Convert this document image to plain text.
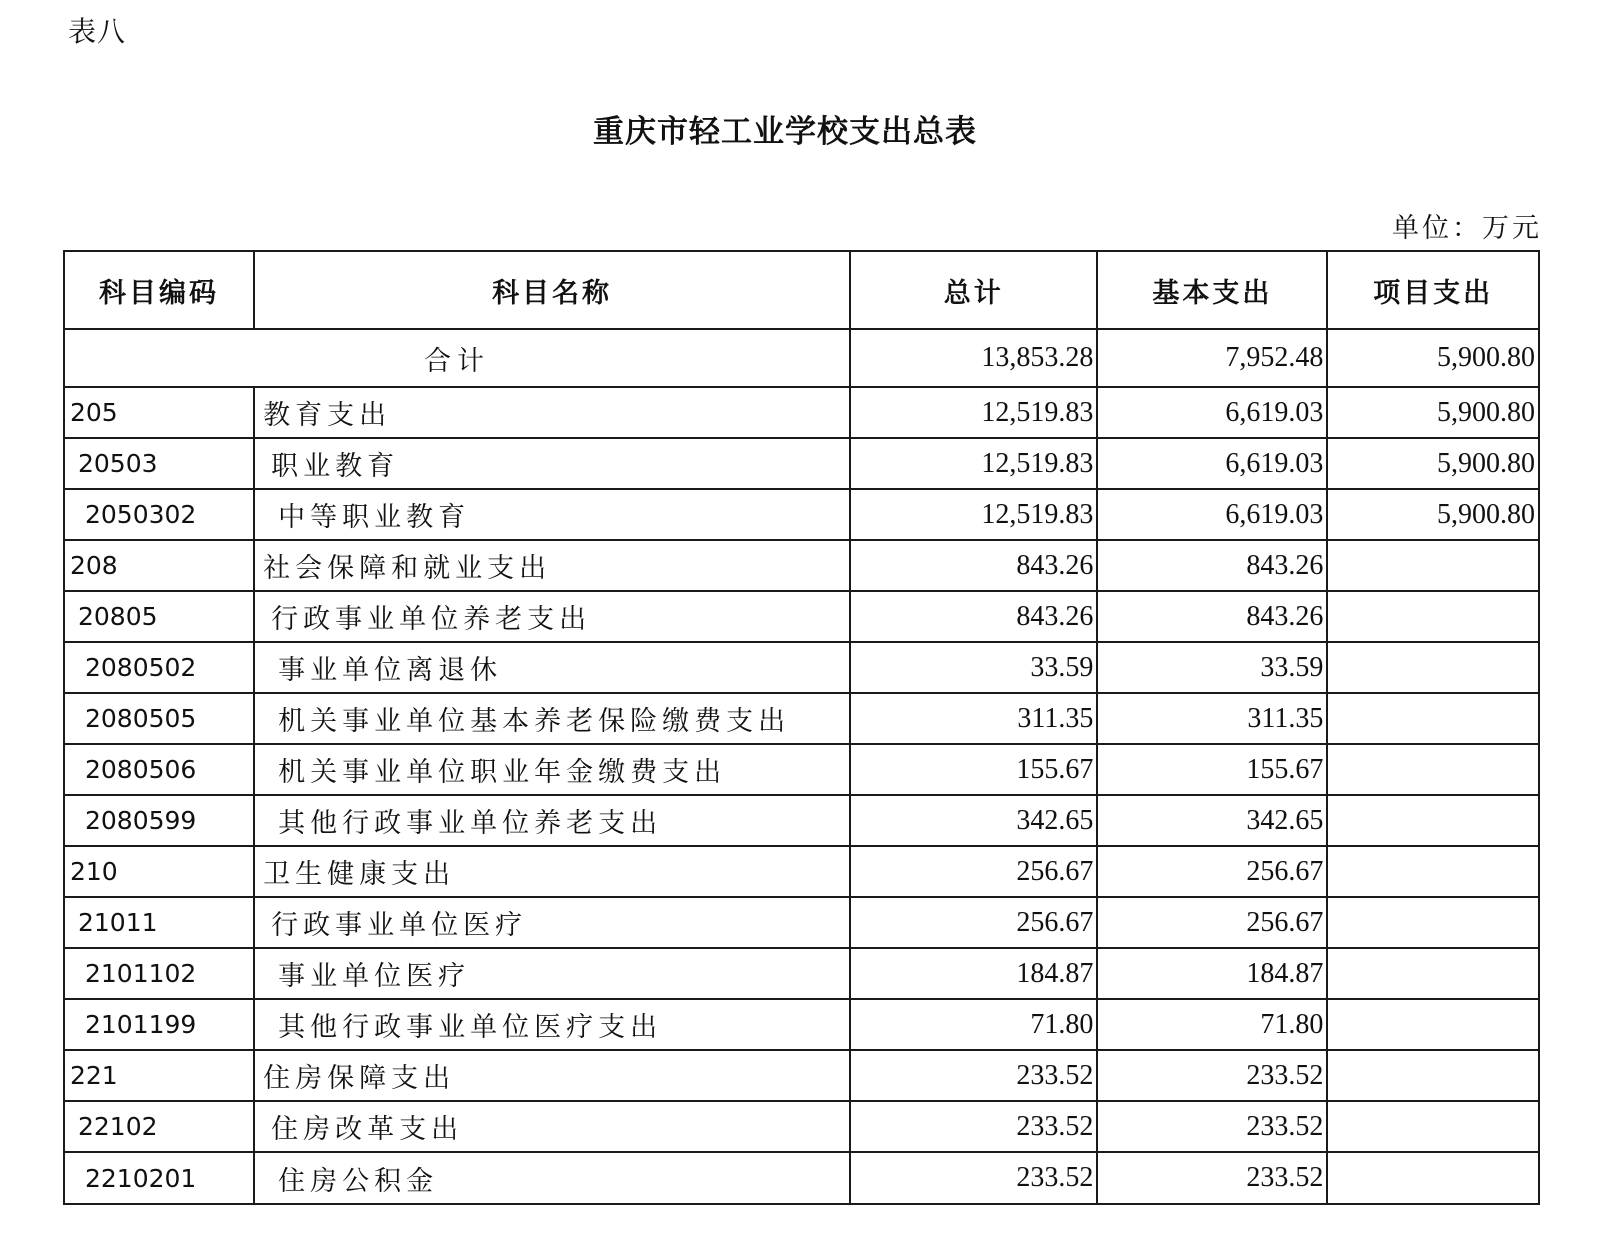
表八
重庆市轻工业学校支出总表
单位：万元
科目编码	科目名称	总计	基本支出	项目支出
合计		13,853.28	7,952.48	5,900.80
205	教育支出	12,519.83	6,619.03	5,900.80
20503	职业教育	12,519.83	6,619.03	5,900.80
2050302	中等职业教育	12,519.83	6,619.03	5,900.80
208	社会保障和就业支出	843.26	843.26	
20805	行政事业单位养老支出	843.26	843.26	
2080502	事业单位离退休	33.59	33.59	
2080505	机关事业单位基本养老保险缴费支出	311.35	311.35	
2080506	机关事业单位职业年金缴费支出	155.67	155.67	
2080599	其他行政事业单位养老支出	342.65	342.65	
210	卫生健康支出	256.67	256.67	
21011	行政事业单位医疗	256.67	256.67	
2101102	事业单位医疗	184.87	184.87	
2101199	其他行政事业单位医疗支出	71.80	71.80	
221	住房保障支出	233.52	233.52	
22102	住房改革支出	233.52	233.52	
2210201	住房公积金	233.52	233.52	
